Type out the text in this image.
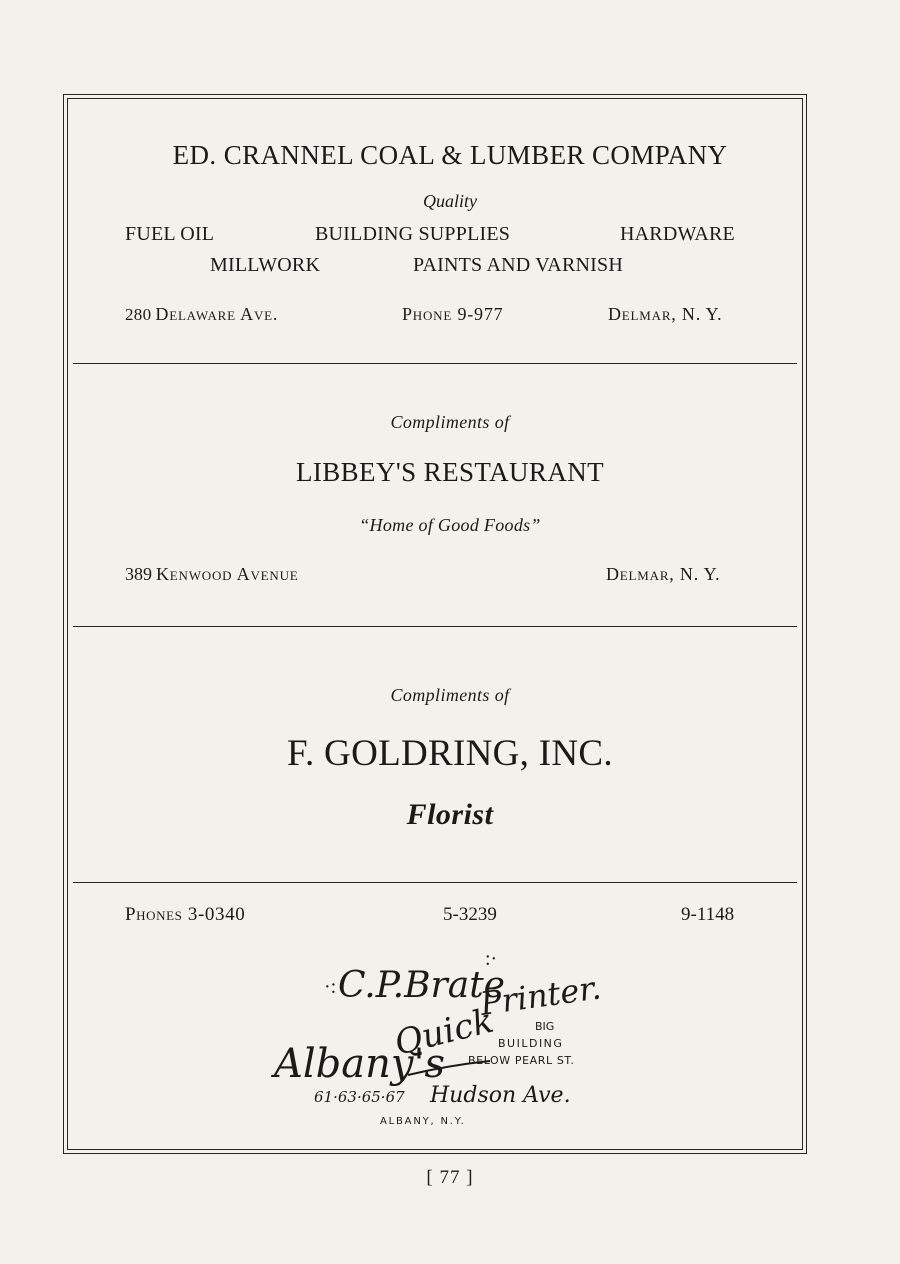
ED. CRANNEL COAL & LUMBER COMPANY
Quality
FUEL OIL	BUILDING SUPPLIES	HARDWARE
MILLWORK	PAINTS AND VARNISH
280 Delaware Ave.	Phone 9-977	Delmar, N. Y.
Compliments of
LIBBEY'S RESTAURANT
“Home of Good Foods”
389 Kenwood Avenue	Delmar, N. Y.
Compliments of
F. GOLDRING, INC.
Florist
Phones 3-0340	5-3239	9-1148
·:
:·
C.P.Brate
Albany's
Quick
Printer.
BIG
BUILDING
BELOW PEARL ST.
61·63·65·67 Hudson Ave.
ALBANY, N.Y.
[ 77 ]
